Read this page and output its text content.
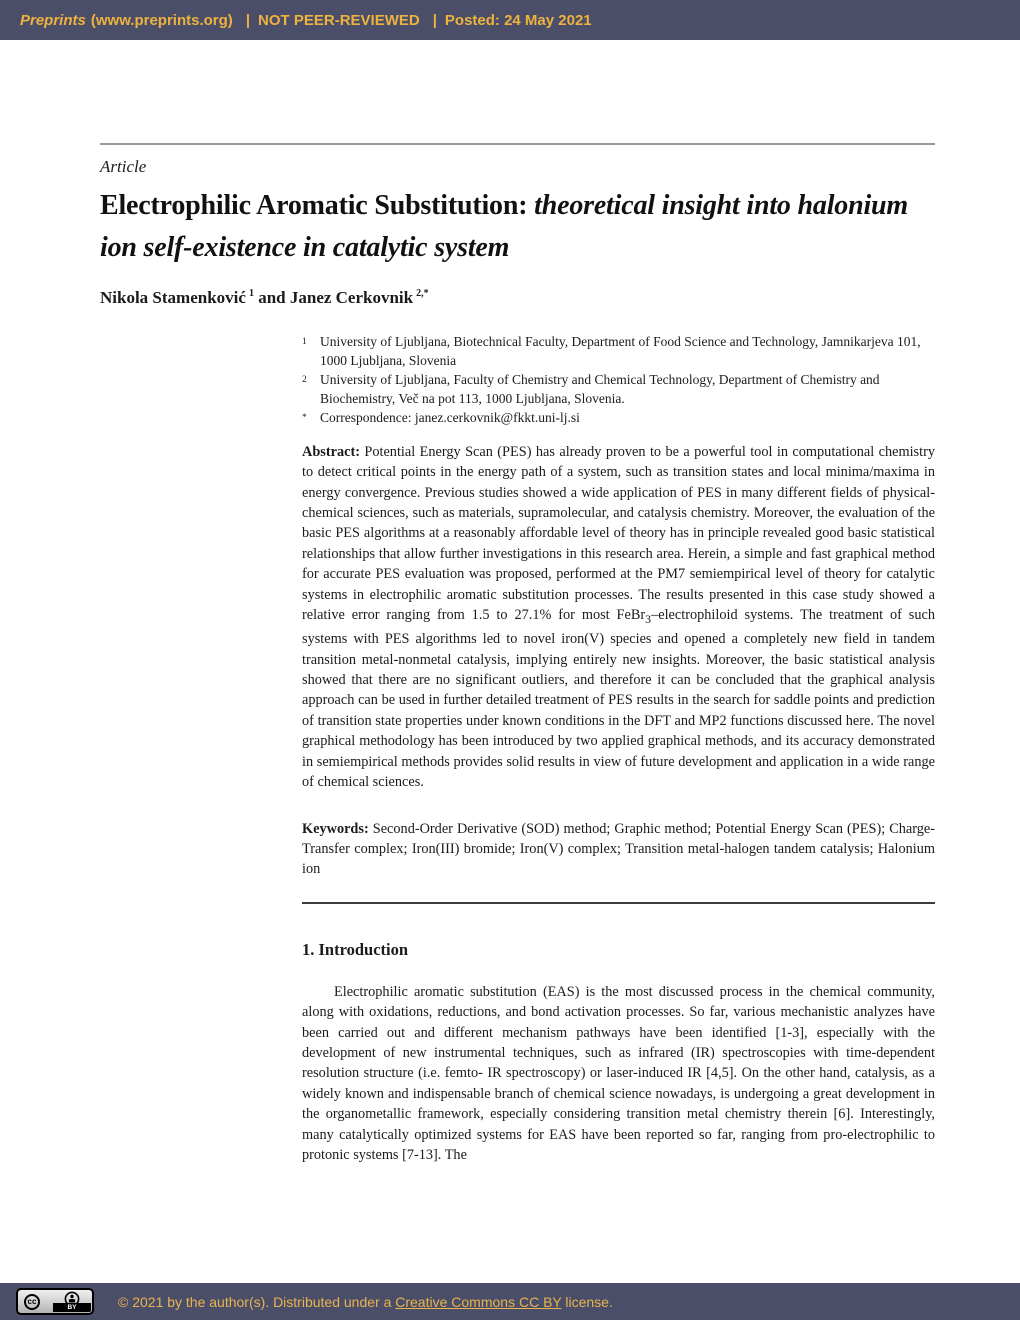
Preprints (www.preprints.org) | NOT PEER-REVIEWED | Posted: 24 May 2021
Article
Electrophilic Aromatic Substitution: theoretical insight into halonium ion self-existence in catalytic system
Nikola Stamenković $^1$ and Janez Cerkovnik $^{2,*}$
1 University of Ljubljana, Biotechnical Faculty, Department of Food Science and Technology, Jamnikarjeva 101, 1000 Ljubljana, Slovenia
2 University of Ljubljana, Faculty of Chemistry and Chemical Technology, Department of Chemistry and Biochemistry, Več na pot 113, 1000 Ljubljana, Slovenia.
* Correspondence: janez.cerkovnik@fkkt.uni-lj.si

Abstract: Potential Energy Scan (PES) has already proven to be a powerful tool in computational chemistry to detect critical points in the energy path of a system, such as transition states and local minima/maxima in energy convergence. Previous studies showed a wide application of PES in many different fields of physical-chemical sciences, such as materials, supramolecular, and catalysis chemistry. Moreover, the evaluation of the basic PES algorithms at a reasonably affordable level of theory has in principle revealed good basic statistical relationships that allow further investigations in this research area. Herein, a simple and fast graphical method for accurate PES evaluation was proposed, performed at the PM7 semiempirical level of theory for catalytic systems in electrophilic aromatic substitution processes. The results presented in this case study showed a relative error ranging from 1.5 to 27.1% for most FeBr$_3$–electrophiloid systems. The treatment of such systems with PES algorithms led to novel iron(V) species and opened a completely new field in tandem transition metal-nonmetal catalysis, implying entirely new insights. Moreover, the basic statistical analysis showed that there are no significant outliers, and therefore it can be concluded that the graphical analysis approach can be used in further detailed treatment of PES results in the search for saddle points and prediction of transition state properties under known conditions in the DFT and MP2 functions discussed here. The novel graphical methodology has been introduced by two applied graphical methods, and its accuracy demonstrated in semiempirical methods provides solid results in view of future development and application in a wide range of chemical sciences.

Keywords: Second-Order Derivative (SOD) method; Graphic method; Potential Energy Scan (PES); Charge-Transfer complex; Iron(III) bromide; Iron(V) complex; Transition metal-halogen tandem catalysis; Halonium ion

1. Introduction

Electrophilic aromatic substitution (EAS) is the most discussed process in the chemical community, along with oxidations, reductions, and bond activation processes. So far, various mechanistic analyzes have been carried out and different mechanism pathways have been identified [1-3], especially with the development of new instrumental techniques, such as infrared (IR) spectroscopies with time-dependent resolution structure (i.e. femto- IR spectroscopy) or laser-induced IR [4,5]. On the other hand, catalysis, as a widely known and indispensable branch of chemical science nowadays, is undergoing a great development in the organometallic framework, especially considering transition metal chemistry therein [6]. Interestingly, many catalytically optimized systems for EAS have been reported so far, ranging from pro-electrophilic to protonic systems [7-13]. The

cc
BY	© 2021 by the author(s). Distributed under a Creative Commons CC BY license.
